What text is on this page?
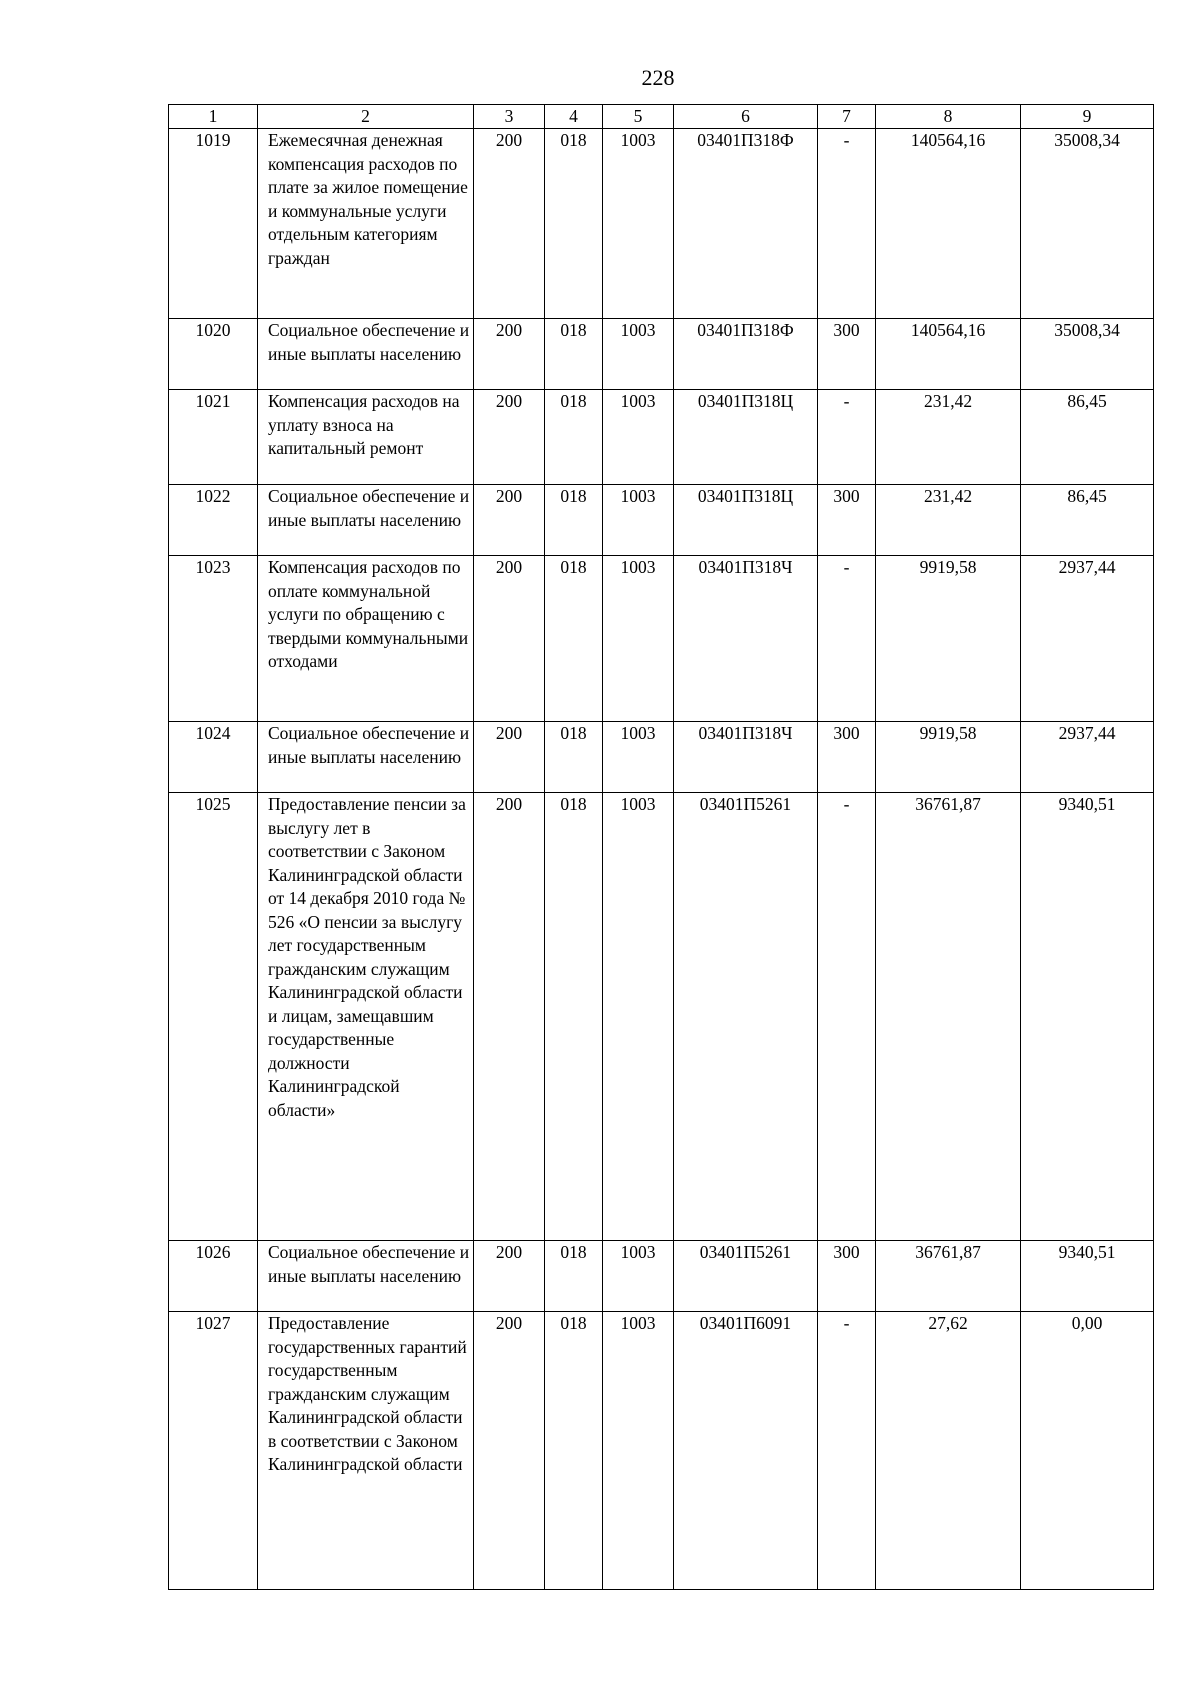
228
1	2	3	4	5	6	7	8	9
1019	Ежемесячная денежная компенсация расходов по плате за жилое помещение и коммунальные услуги отдельным категориям граждан	200	018	1003	03401П318Ф	-	140564,16	35008,34
1020	Социальное обеспечение и иные выплаты населению	200	018	1003	03401П318Ф	300	140564,16	35008,34
1021	Компенсация расходов на уплату взноса на капитальный ремонт	200	018	1003	03401П318Ц	-	231,42	86,45
1022	Социальное обеспечение и иные выплаты населению	200	018	1003	03401П318Ц	300	231,42	86,45
1023	Компенсация расходов по оплате коммунальной услуги по обращению с твердыми коммунальными отходами	200	018	1003	03401П318Ч	-	9919,58	2937,44
1024	Социальное обеспечение и иные выплаты населению	200	018	1003	03401П318Ч	300	9919,58	2937,44
1025	Предоставление пенсии за выслугу лет в соответствии с Законом Калининградской области от 14 декабря 2010 года № 526 «О пенсии за выслугу лет государственным гражданским служащим Калининградской области и лицам, замещавшим государственные должности Калининградской области»	200	018	1003	03401П5261	-	36761,87	9340,51
1026	Социальное обеспечение и иные выплаты населению	200	018	1003	03401П5261	300	36761,87	9340,51
1027	Предоставление государственных гарантий государственным гражданским служащим Калининградской области в соответствии с Законом Калининградской области	200	018	1003	03401П6091	-	27,62	0,00
